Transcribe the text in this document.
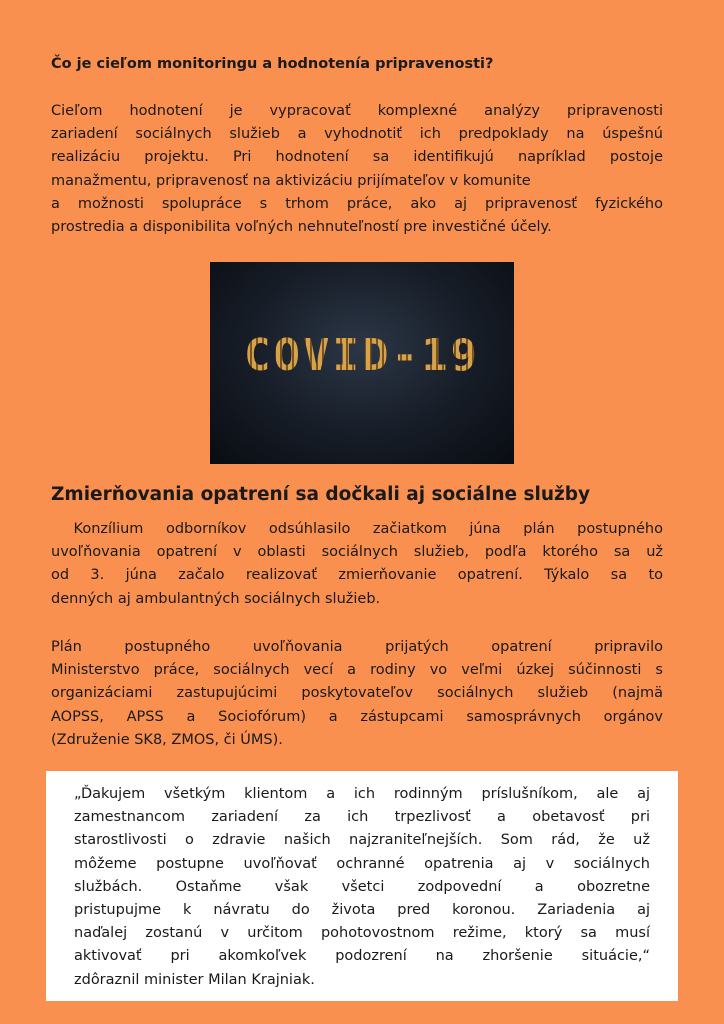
Čo je cieľom monitoringu a hodnotenía pripravenosti?
Cieľom hodnotení je vypracovať komplexné analýzy pripravenosti
zariadení sociálnych služieb a vyhodnotiť ich predpoklady na úspešnú
realizáciu projektu. Pri hodnotení sa identifikujú napríklad postoje
manažmentu, pripravenosť na aktivizáciu prijímateľov v komunite
a možnosti spolupráce s trhom práce, ako aj pripravenosť fyzického
prostredia a disponibilita voľných nehnuteľností pre investičné účely.
COVID-19
Zmierňovania opatrení sa dočkali aj sociálne služby
Konzílium odborníkov odsúhlasilo začiatkom júna plán postupného
uvoľňovania opatrení v oblasti sociálnych služieb, podľa ktorého sa už
od 3. júna začalo realizovať zmierňovanie opatrení. Týkalo sa to
denných aj ambulantných sociálnych služieb.
Plán postupného uvoľňovania prijatých opatrení pripravilo
Ministerstvo práce, sociálnych vecí a rodiny vo veľmi úzkej súčinnosti s
organizáciami zastupujúcimi poskytovateľov sociálnych služieb (najmä
AOPSS, APSS a Sociofórum) a zástupcami samosprávnych orgánov
(Združenie SK8, ZMOS, či ÚMS).
„Ďakujem všetkým klientom a ich rodinným príslušníkom, ale aj
zamestnancom zariadení za ich trpezlivosť a obetavosť pri
starostlivosti o zdravie našich najzraniteľnejších. Som rád, že už
môžeme postupne uvoľňovať ochranné opatrenia aj v sociálnych
službách. Ostaňme však všetci zodpovední a obozretne
pristupujme k návratu do života pred koronou. Zariadenia aj
naďalej zostanú v určitom pohotovostnom režime, ktorý sa musí
aktivovať pri akomkoľvek podozrení na zhoršenie situácie,“
zdôraznil minister Milan Krajniak.
